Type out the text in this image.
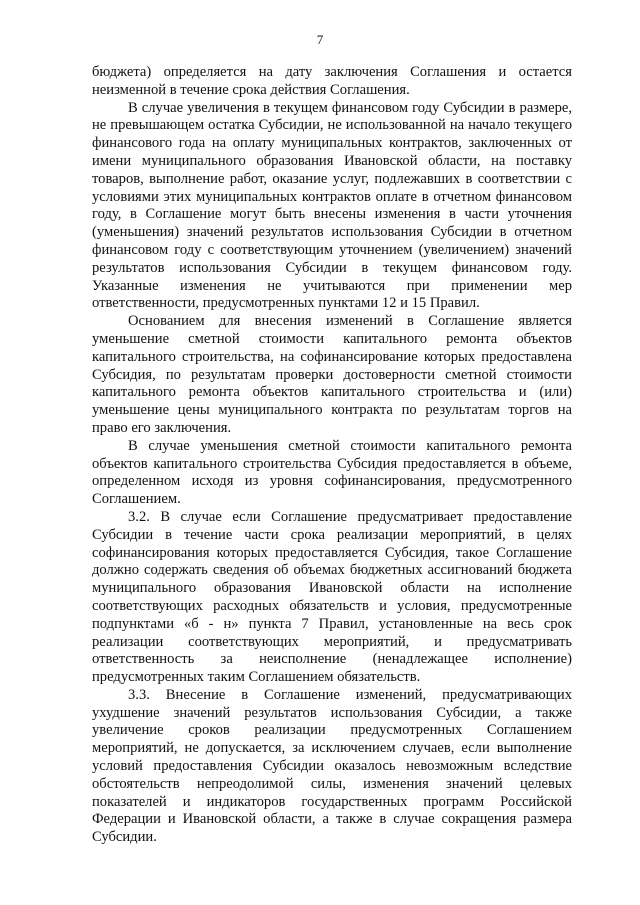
7

бюджета) определяется на дату заключения Соглашения и остается неизменной в течение срока действия Соглашения.

В случае увеличения в текущем финансовом году Субсидии в размере, не превышающем остатка Субсидии, не использованной на начало текущего финансового года на оплату муниципальных контрактов, заключенных от имени муниципального образования Ивановской области, на поставку товаров, выполнение работ, оказание услуг, подлежавших в соответствии с условиями этих муниципальных контрактов оплате в отчетном финансовом году, в Соглашение могут быть внесены изменения в части уточнения (уменьшения) значений результатов использования Субсидии в отчетном финансовом году с соответствующим уточнением (увеличением) значений результатов использования Субсидии в текущем финансовом году. Указанные изменения не учитываются при применении мер ответственности, предусмотренных пунктами 12 и 15 Правил.

Основанием для внесения изменений в Соглашение является уменьшение сметной стоимости капитального ремонта объектов капитального строительства, на софинансирование которых предоставлена Субсидия, по результатам проверки достоверности сметной стоимости капитального ремонта объектов капитального строительства и (или) уменьшение цены муниципального контракта по результатам торгов на право его заключения.

В случае уменьшения сметной стоимости капитального ремонта объектов капитального строительства Субсидия предоставляется в объеме, определенном исходя из уровня софинансирования, предусмотренного Соглашением.

3.2. В случае если Соглашение предусматривает предоставление Субсидии в течение части срока реализации мероприятий, в целях софинансирования которых предоставляется Субсидия, такое Соглашение должно содержать сведения об объемах бюджетных ассигнований бюджета муниципального образования Ивановской области на исполнение соответствующих расходных обязательств и условия, предусмотренные подпунктами «б - н» пункта 7 Правил, установленные на весь срок реализации соответствующих мероприятий, и предусматривать ответственность за неисполнение (ненадлежащее исполнение) предусмотренных таким Соглашением обязательств.

3.3. Внесение в Соглашение изменений, предусматривающих ухудшение значений результатов использования Субсидии, а также увеличение сроков реализации предусмотренных Соглашением мероприятий, не допускается, за исключением случаев, если выполнение условий предоставления Субсидии оказалось невозможным вследствие обстоятельств непреодолимой силы, изменения значений целевых показателей и индикаторов государственных программ Российской Федерации и Ивановской области, а также в случае сокращения размера Субсидии.
